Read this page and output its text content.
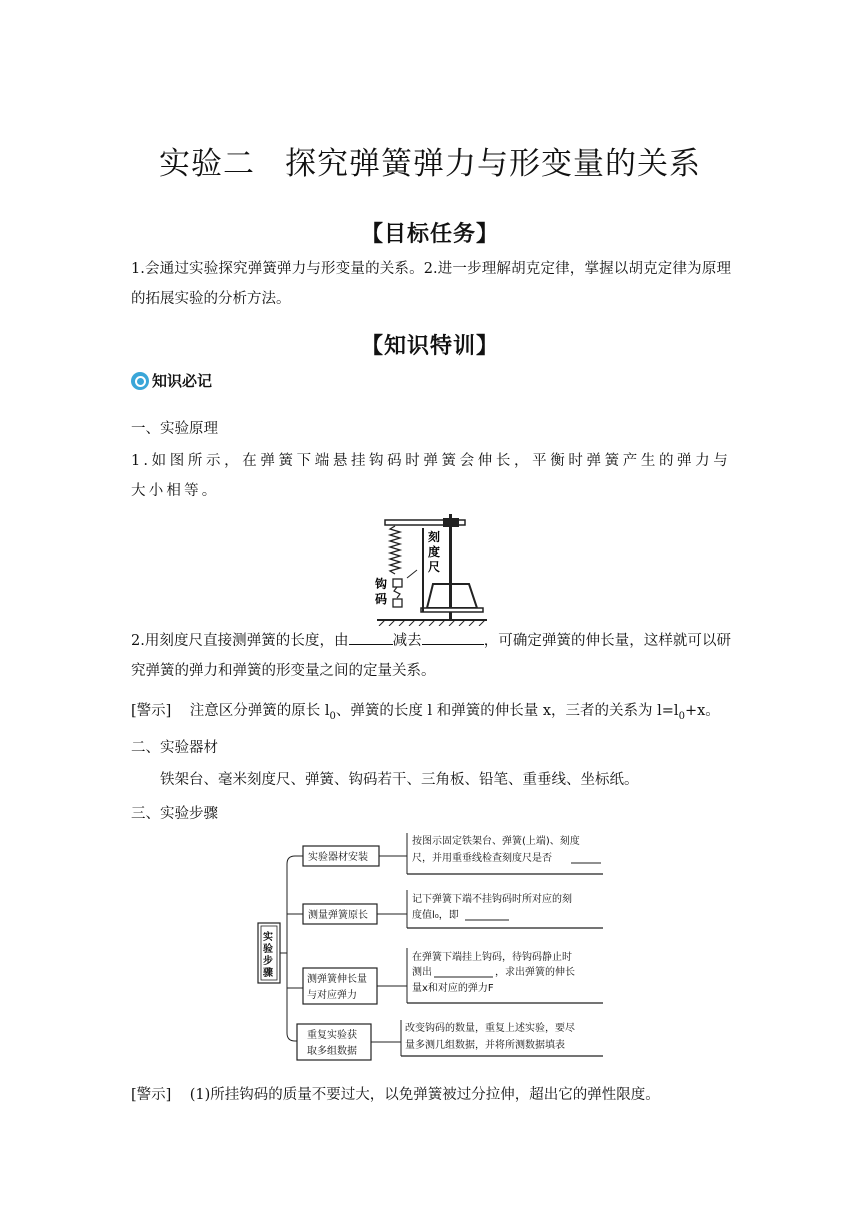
实验二 探究弹簧弹力与形变量的关系
【目标任务】
1.会通过实验探究弹簧弹力与形变量的关系。2.进一步理解胡克定律，掌握以胡克定律为原理的拓展实验的分析方法。
【知识特训】
知识必记
一、实验原理
1.如图所示，在弹簧下端悬挂钩码时弹簧会伸长，平衡时弹簧产生的弹力与大小相等。
刻
度
尺
钩
码
2.用刻度尺直接测弹簧的长度，由	减去	，可确定弹簧的伸长量，这样就可以研究弹簧的弹力和弹簧的形变量之间的定量关系。
[警示] 注意区分弹簧的原长 $l_0$、弹簧的长度 l 和弹簧的伸长量 x，三者的关系为 $l=l_0+x$。
二、实验器材
铁架台、毫米刻度尺、弹簧、钩码若干、三角板、铅笔、重垂线、坐标纸。
三、实验步骤
实
验
步
骤
实验器材安装
测量弹簧原长
测弹簧伸长量
与对应弹力
重复实验获
取多组数据
按图示固定铁架台、弹簧(上端)、刻度
尺，并用重垂线检查刻度尺是否
记下弹簧下端不挂钩码时所对应的刻
度值l₀，即
在弹簧下端挂上钩码，待钩码静止时
测出	，求出弹簧的伸长
量x和对应的弹力F
改变钩码的数量，重复上述实验，要尽
量多测几组数据，并将所测数据填表
[警示] (1)所挂钩码的质量不要过大，以免弹簧被过分拉伸，超出它的弹性限度。
